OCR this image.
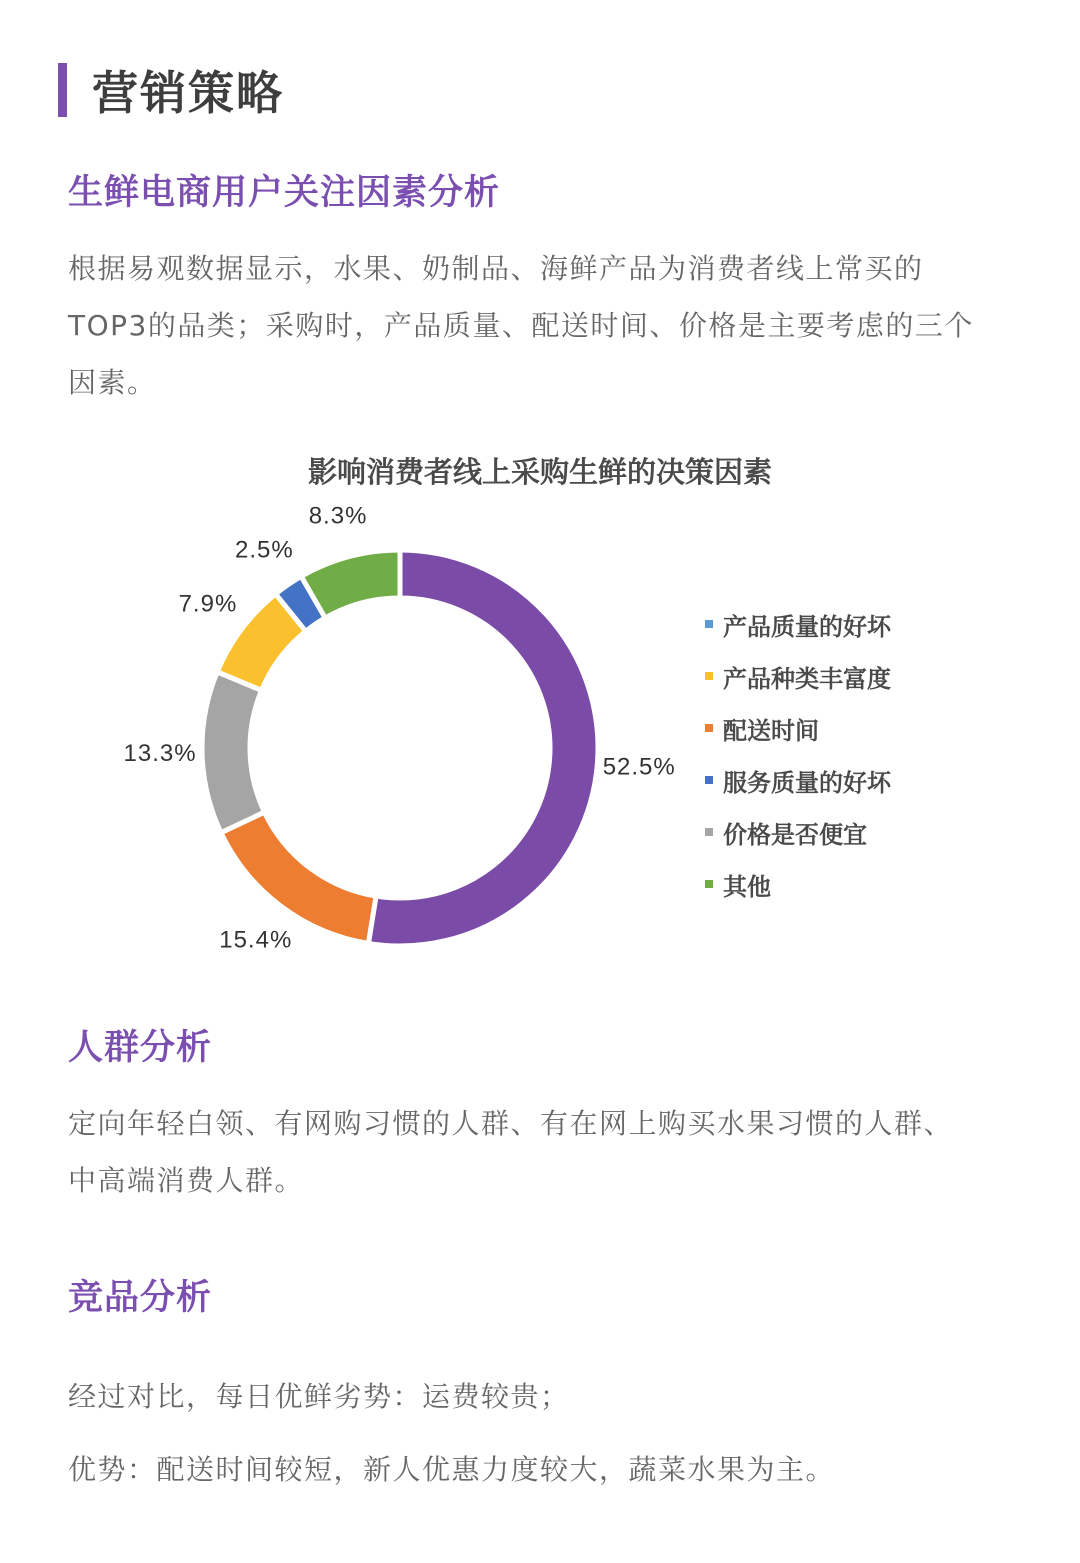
营销策略
生鲜电商用户关注因素分析

根据易观数据显示，水果、奶制品、海鲜产品为消费者线上常买的

TOP3的品类；采购时，产品质量、配送时间、价格是主要考虑的三个

因素。

影响消费者线上采购生鲜的决策因素
52.5%
15.4%
13.3%
7.9%
2.5%
8.3%
产品质量的好坏
产品种类丰富度
配送时间
服务质量的好坏
价格是否便宜
其他
人群分析

定向年轻白领、有网购习惯的人群、有在网上购买水果习惯的人群、

中高端消费人群。

竞品分析

经过对比，每日优鲜劣势：运费较贵；

优势：配送时间较短，新人优惠力度较大，蔬菜水果为主。
